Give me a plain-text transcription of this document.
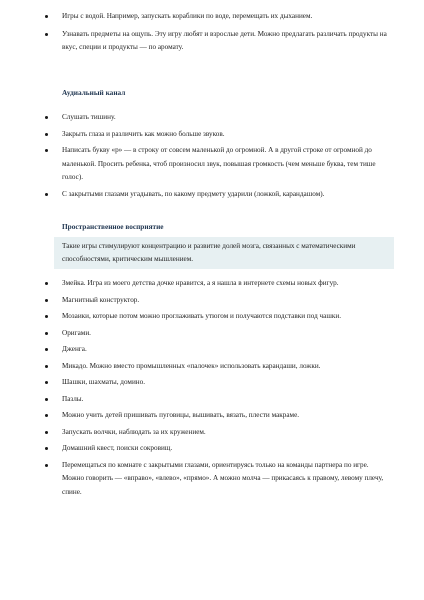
Игры с водой. Например, запускать кораблики по воде, перемещать их дыханием.
Узнавать предметы на ощупь. Эту игру любят и взрослые дети. Можно предлагать различать продукты на вкус, специи и продукты — по аромату.
Аудиальный канал
Слушать тишину.
Закрыть глаза и различить как можно больше звуков.
Написать букву «р» — в строку от совсем маленькой до огромной. А в другой строке от огромной до маленькой. Просить ребенка, чтоб произносил звук, повышая громкость (чем меньше буква, тем тише голос).
С закрытыми глазами угадывать, по какому предмету ударили (ложкой, карандашом).
Пространственное восприятие
Такие игры стимулируют концентрацию и развитие долей мозга, связанных с математическими способностями, критическим мышлением.
Змейка. Игра из моего детства дочке нравится, а я нашла в интернете схемы новых фигур.
Магнитный конструктор.
Мозаики, которые потом можно проглаживать утюгом и получаются подставки под чашки.
Оригами.
Дженга.
Микадо. Можно вместо промышленных «палочек» использовать карандаши, ложки.
Шашки, шахматы, домино.
Пазлы.
Можно учить детей пришивать пуговицы, вышивать, вязать, плести макраме.
Запускать волчки, наблюдать за их кружением.
Домашний квест, поиски сокровищ.
Перемещаться по комнате с закрытыми глазами, ориентируясь только на команды партнера по игре. Можно говорить — «вправо», «влево», «прямо». А можно молча — прикасаясь к правому, левому плечу, спине.
